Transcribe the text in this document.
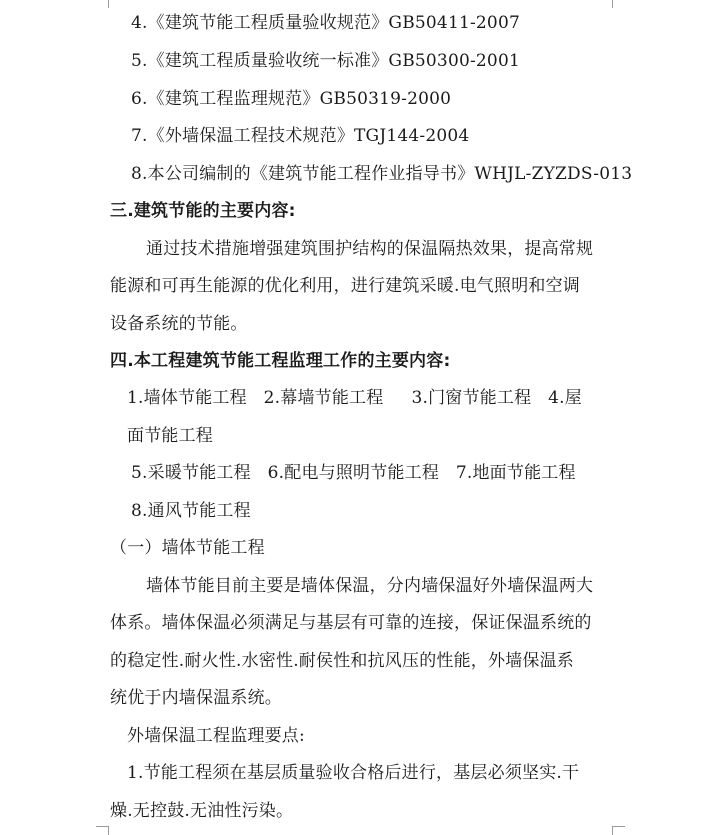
4.《建筑节能工程质量验收规范》GB50411-2007
5.《建筑工程质量验收统一标准》GB50300-2001
6.《建筑工程监理规范》GB50319-2000
7.《外墙保温工程技术规范》TGJ144-2004
8.本公司编制的《建筑节能工程作业指导书》WHJL-ZYZDS-013
三.建筑节能的主要内容:
通过技术措施增强建筑围护结构的保温隔热效果，提高常规
能源和可再生能源的优化利用，进行建筑采暖.电气照明和空调
设备系统的节能。
四.本工程建筑节能工程监理工作的主要内容:
1.墙体节能工程   2.幕墙节能工程     3.门窗节能工程   4.屋
面节能工程
5.采暖节能工程   6.配电与照明节能工程   7.地面节能工程
8.通风节能工程
（一）墙体节能工程
墙体节能目前主要是墙体保温，分内墙保温好外墙保温两大
体系。墙体保温必须满足与基层有可靠的连接，保证保温系统的
的稳定性.耐火性.水密性.耐侯性和抗风压的性能，外墙保温系
统优于内墙保温系统。
外墙保温工程监理要点:
1.节能工程须在基层质量验收合格后进行，基层必须坚实.干
燥.无控鼓.无油性污染。
